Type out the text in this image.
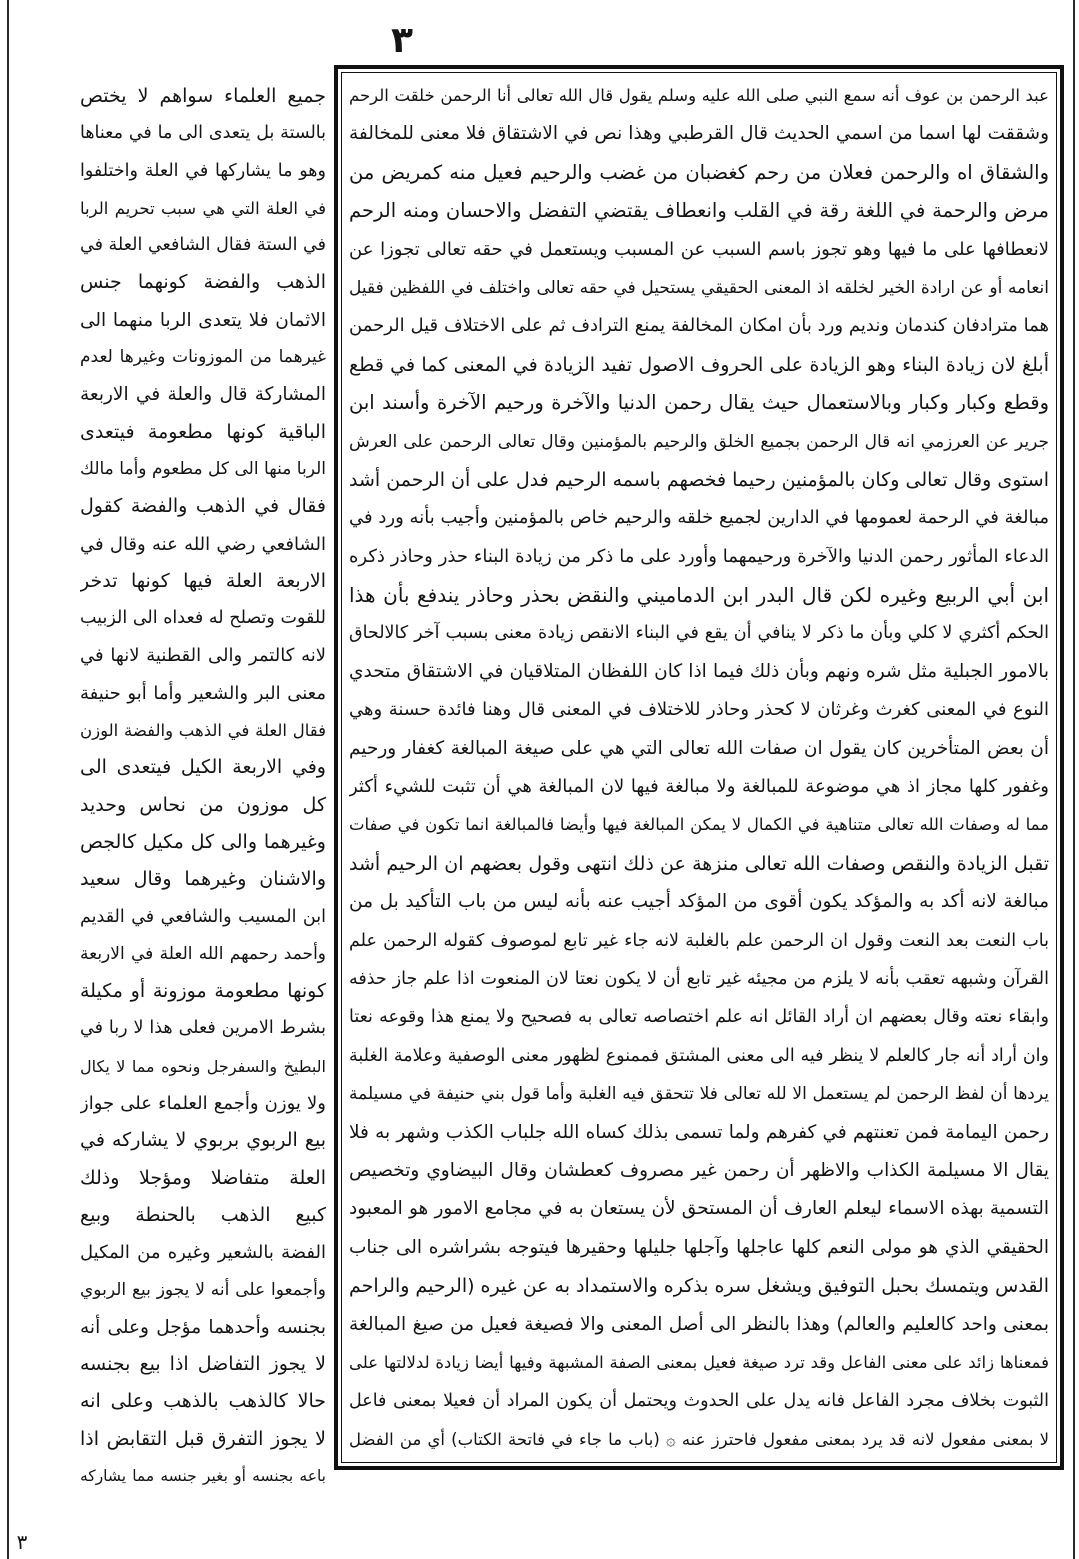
٣
جميع العلماء سواهم لا يختص
بالستة بل يتعدى الى ما في معناها
وهو ما يشاركها في العلة واختلفوا
في العلة التي هي سبب تحريم الربا
في الستة فقال الشافعي العلة في
الذهب والفضة كونهما جنس
الاثمان فلا يتعدى الربا منهما الى
غيرهما من الموزونات وغيرها لعدم
المشاركة قال والعلة في الاربعة
الباقية كونها مطعومة فيتعدى
الربا منها الى كل مطعوم وأما مالك
فقال في الذهب والفضة كقول
الشافعي رضي الله عنه وقال في
الاربعة العلة فيها كونها تدخر
للقوت وتصلح له فعداه الى الزبيب
لانه كالتمر والى القطنية لانها في
معنى البر والشعير وأما أبو حنيفة
فقال العلة في الذهب والفضة الوزن
وفي الاربعة الكيل فيتعدى الى
كل موزون من نحاس وحديد
وغيرهما والى كل مكيل كالجص
والاشنان وغيرهما وقال سعيد
ابن المسيب والشافعي في القديم
وأحمد رحمهم الله العلة في الاربعة
كونها مطعومة موزونة أو مكيلة
بشرط الامرين فعلى هذا لا ربا في
البطيخ والسفرجل ونحوه مما لا يكال
ولا يوزن وأجمع العلماء على جواز
بيع الربوي بربوي لا يشاركه في
العلة متفاضلا ومؤجلا وذلك
كبيع الذهب بالحنطة وبيع
الفضة بالشعير وغيره من المكيل
وأجمعوا على أنه لا يجوز بيع الربوي
بجنسه وأحدهما مؤجل وعلى أنه
لا يجوز التفاضل اذا بيع بجنسه
حالا كالذهب بالذهب وعلى انه
لا يجوز التفرق قبل التقابض اذا
باعه بجنسه أو بغير جنسه مما يشاركه
عبد الرحمن بن عوف أنه سمع النبي صلى الله عليه وسلم يقول قال الله تعالى أنا الرحمن خلقت الرحم
وشققت لها اسما من اسمي الحديث قال القرطبي وهذا نص في الاشتقاق فلا معنى للمخالفة
والشقاق اه والرحمن فعلان من رحم كغضبان من غضب والرحيم فعيل منه كمريض من
مرض والرحمة في اللغة رقة في القلب وانعطاف يقتضي التفضل والاحسان ومنه الرحم
لانعطافها على ما فيها وهو تجوز باسم السبب عن المسبب ويستعمل في حقه تعالى تجوزا عن
انعامه أو عن ارادة الخير لخلقه اذ المعنى الحقيقي يستحيل في حقه تعالى واختلف في اللفظين فقيل
هما مترادفان كندمان ونديم ورد بأن امكان المخالفة يمنع الترادف ثم على الاختلاف قيل الرحمن
أبلغ لان زيادة البناء وهو الزيادة على الحروف الاصول تفيد الزيادة في المعنى كما في قطع
وقطع وكبار وكبار وبالاستعمال حيث يقال رحمن الدنيا والآخرة ورحيم الآخرة وأسند ابن
جرير عن العرزمي انه قال الرحمن بجميع الخلق والرحيم بالمؤمنين وقال تعالى الرحمن على العرش
استوى وقال تعالى وكان بالمؤمنين رحيما فخصهم باسمه الرحيم فدل على أن الرحمن أشد
مبالغة في الرحمة لعمومها في الدارين لجميع خلقه والرحيم خاص بالمؤمنين وأجيب بأنه ورد في
الدعاء المأثور رحمن الدنيا والآخرة ورحيمهما وأورد على ما ذكر من زيادة البناء حذر وحاذر ذكره
ابن أبي الربيع وغيره لكن قال البدر ابن الدماميني والنقض بحذر وحاذر يندفع بأن هذا
الحكم أكثري لا كلي وبأن ما ذكر لا ينافي أن يقع في البناء الانقص زيادة معنى بسبب آخر كالالحاق
بالامور الجبلية مثل شره ونهم وبأن ذلك فيما اذا كان اللفظان المتلاقيان في الاشتقاق متحدي
النوع في المعنى كغرث وغرثان لا كحذر وحاذر للاختلاف في المعنى قال وهنا فائدة حسنة وهي
أن بعض المتأخرين كان يقول ان صفات الله تعالى التي هي على صيغة المبالغة كغفار ورحيم
وغفور كلها مجاز اذ هي موضوعة للمبالغة ولا مبالغة فيها لان المبالغة هي أن تثبت للشيء أكثر
مما له وصفات الله تعالى متناهية في الكمال لا يمكن المبالغة فيها وأيضا فالمبالغة انما تكون في صفات
تقبل الزيادة والنقص وصفات الله تعالى منزهة عن ذلك انتهى وقول بعضهم ان الرحيم أشد
مبالغة لانه أكد به والمؤكد يكون أقوى من المؤكد أجيب عنه بأنه ليس من باب التأكيد بل من
باب النعت بعد النعت وقول ان الرحمن علم بالغلبة لانه جاء غير تابع لموصوف كقوله الرحمن علم
القرآن وشبهه تعقب بأنه لا يلزم من مجيئه غير تابع أن لا يكون نعتا لان المنعوت اذا علم جاز حذفه
وابقاء نعته وقال بعضهم ان أراد القائل انه علم اختصاصه تعالى به فصحيح ولا يمنع هذا وقوعه نعتا
وان أراد أنه جار كالعلم لا ينظر فيه الى معنى المشتق فممنوع لظهور معنى الوصفية وعلامة الغلبة
يردها أن لفظ الرحمن لم يستعمل الا لله تعالى فلا تتحقق فيه الغلبة وأما قول بني حنيفة في مسيلمة
رحمن اليمامة فمن تعنتهم في كفرهم ولما تسمى بذلك كساه الله جلباب الكذب وشهر به فلا
يقال الا مسيلمة الكذاب والاظهر أن رحمن غير مصروف كعطشان وقال البيضاوي وتخصيص
التسمية بهذه الاسماء ليعلم العارف أن المستحق لأن يستعان به في مجامع الامور هو المعبود
الحقيقي الذي هو مولى النعم كلها عاجلها وآجلها جليلها وحقيرها فيتوجه بشراشره الى جناب
القدس ويتمسك بحبل التوفيق ويشغل سره بذكره والاستمداد به عن غيره (الرحيم والراحم
بمعنى واحد كالعليم والعالم) وهذا بالنظر الى أصل المعنى والا فصيغة فعيل من صيغ المبالغة
فمعناها زائد على معنى الفاعل وقد ترد صيغة فعيل بمعنى الصفة المشبهة وفيها أيضا زيادة لدلالتها على
الثبوت بخلاف مجرد الفاعل فانه يدل على الحدوث ويحتمل أن يكون المراد أن فعيلا بمعنى فاعل
لا بمعنى مفعول لانه قد يرد بمعنى مفعول فاحترز عنه ۞ (باب ما جاء في فاتحة الكتاب) أي من الفضل
٣
